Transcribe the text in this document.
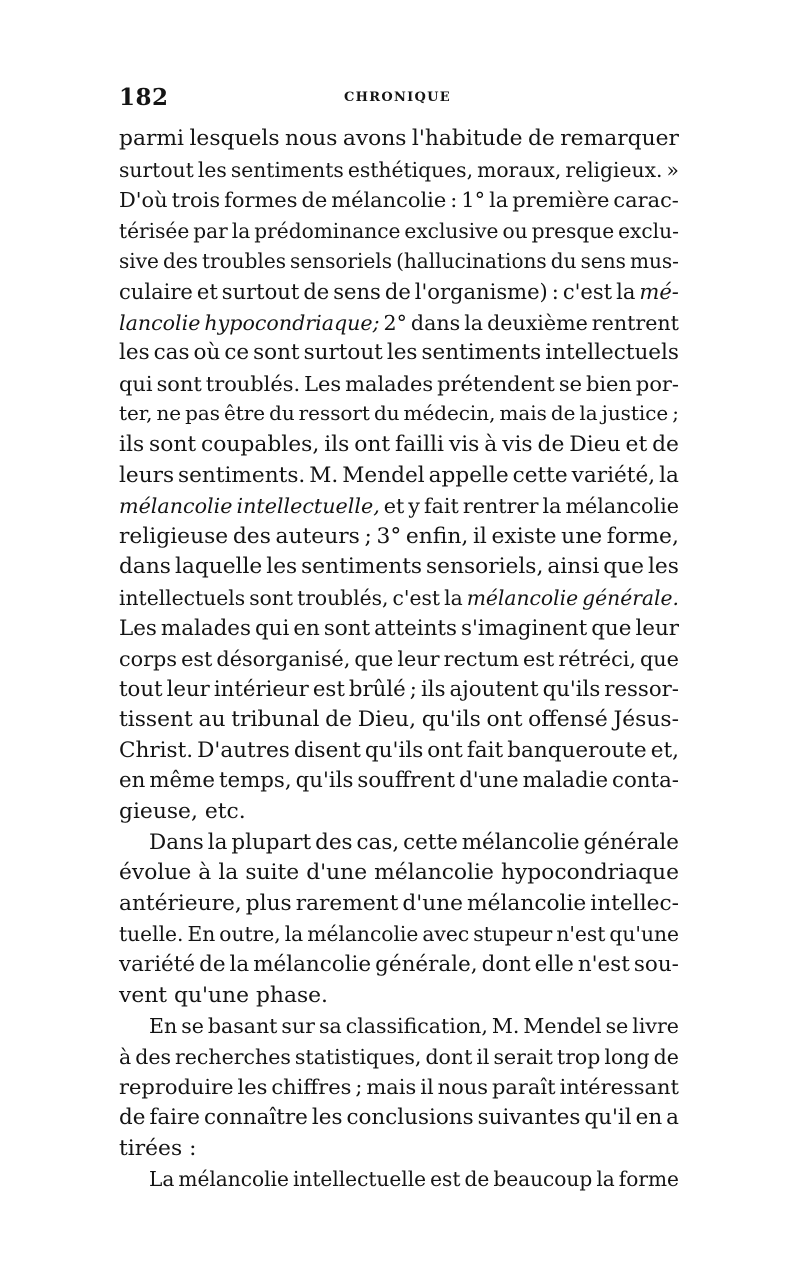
182	CHRONIQUE
parmi lesquels nous avons l'habitude de remarquer
surtout les sentiments esthétiques, moraux, religieux. »
D'où trois formes de mélancolie : 1° la première carac-
térisée par la prédominance exclusive ou presque exclu-
sive des troubles sensoriels (hallucinations du sens mus-
culaire et surtout de sens de l'organisme) : c'est la mé-
lancolie hypocondriaque; 2° dans la deuxième rentrent
les cas où ce sont surtout les sentiments intellectuels
qui sont troublés. Les malades prétendent se bien por-
ter, ne pas être du ressort du médecin, mais de la justice ;
ils sont coupables, ils ont failli vis à vis de Dieu et de
leurs sentiments. M. Mendel appelle cette variété, la
mélancolie intellectuelle, et y fait rentrer la mélancolie
religieuse des auteurs ; 3° enfin, il existe une forme,
dans laquelle les sentiments sensoriels, ainsi que les
intellectuels sont troublés, c'est la mélancolie générale.
Les malades qui en sont atteints s'imaginent que leur
corps est désorganisé, que leur rectum est rétréci, que
tout leur intérieur est brûlé ; ils ajoutent qu'ils ressor-
tissent au tribunal de Dieu, qu'ils ont offensé Jésus-
Christ. D'autres disent qu'ils ont fait banqueroute et,
en même temps, qu'ils souffrent d'une maladie conta-
gieuse, etc.
Dans la plupart des cas, cette mélancolie générale
évolue à la suite d'une mélancolie hypocondriaque
antérieure, plus rarement d'une mélancolie intellec-
tuelle. En outre, la mélancolie avec stupeur n'est qu'une
variété de la mélancolie générale, dont elle n'est sou-
vent qu'une phase.
En se basant sur sa classification, M. Mendel se livre
à des recherches statistiques, dont il serait trop long de
reproduire les chiffres ; mais il nous paraît intéressant
de faire connaître les conclusions suivantes qu'il en a
tirées :
La mélancolie intellectuelle est de beaucoup la forme
